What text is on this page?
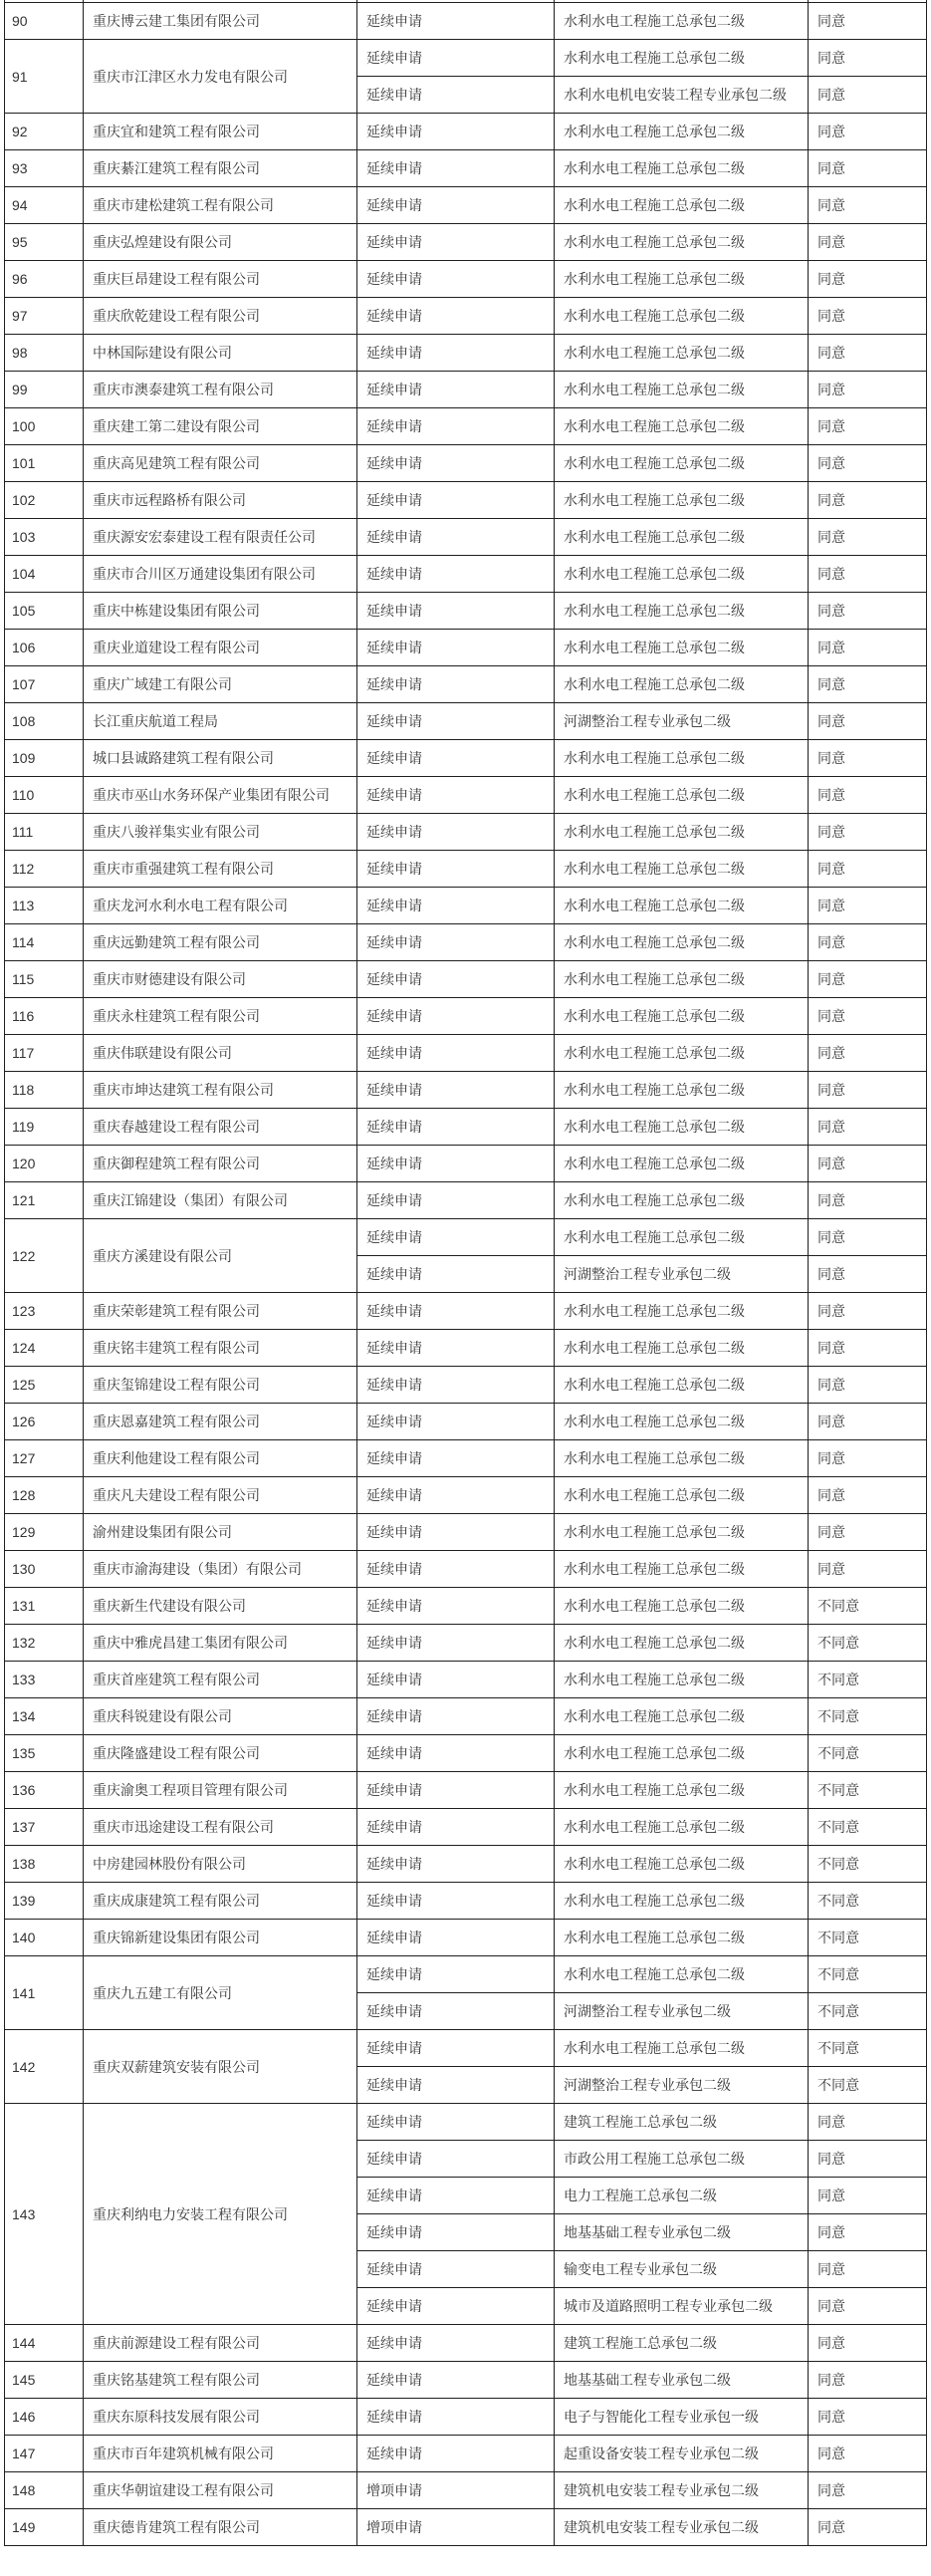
90	重庆博云建工集团有限公司	延续申请	水利水电工程施工总承包二级	同意
91	重庆市江津区水力发电有限公司	延续申请	水利水电工程施工总承包二级	同意
		延续申请	水利水电机电安装工程专业承包二级	同意
92	重庆宜和建筑工程有限公司	延续申请	水利水电工程施工总承包二级	同意
93	重庆綦江建筑工程有限公司	延续申请	水利水电工程施工总承包二级	同意
94	重庆市建松建筑工程有限公司	延续申请	水利水电工程施工总承包二级	同意
95	重庆弘煌建设有限公司	延续申请	水利水电工程施工总承包二级	同意
96	重庆巨昂建设工程有限公司	延续申请	水利水电工程施工总承包二级	同意
97	重庆欣乾建设工程有限公司	延续申请	水利水电工程施工总承包二级	同意
98	中林国际建设有限公司	延续申请	水利水电工程施工总承包二级	同意
99	重庆市澳泰建筑工程有限公司	延续申请	水利水电工程施工总承包二级	同意
100	重庆建工第二建设有限公司	延续申请	水利水电工程施工总承包二级	同意
101	重庆高见建筑工程有限公司	延续申请	水利水电工程施工总承包二级	同意
102	重庆市远程路桥有限公司	延续申请	水利水电工程施工总承包二级	同意
103	重庆源安宏泰建设工程有限责任公司	延续申请	水利水电工程施工总承包二级	同意
104	重庆市合川区万通建设集团有限公司	延续申请	水利水电工程施工总承包二级	同意
105	重庆中栋建设集团有限公司	延续申请	水利水电工程施工总承包二级	同意
106	重庆业道建设工程有限公司	延续申请	水利水电工程施工总承包二级	同意
107	重庆广域建工有限公司	延续申请	水利水电工程施工总承包二级	同意
108	长江重庆航道工程局	延续申请	河湖整治工程专业承包二级	同意
109	城口县诚路建筑工程有限公司	延续申请	水利水电工程施工总承包二级	同意
110	重庆市巫山水务环保产业集团有限公司	延续申请	水利水电工程施工总承包二级	同意
111	重庆八骏祥集实业有限公司	延续申请	水利水电工程施工总承包二级	同意
112	重庆市重强建筑工程有限公司	延续申请	水利水电工程施工总承包二级	同意
113	重庆龙河水利水电工程有限公司	延续申请	水利水电工程施工总承包二级	同意
114	重庆远勤建筑工程有限公司	延续申请	水利水电工程施工总承包二级	同意
115	重庆市财德建设有限公司	延续申请	水利水电工程施工总承包二级	同意
116	重庆永柱建筑工程有限公司	延续申请	水利水电工程施工总承包二级	同意
117	重庆伟联建设有限公司	延续申请	水利水电工程施工总承包二级	同意
118	重庆市坤达建筑工程有限公司	延续申请	水利水电工程施工总承包二级	同意
119	重庆春越建设工程有限公司	延续申请	水利水电工程施工总承包二级	同意
120	重庆御程建筑工程有限公司	延续申请	水利水电工程施工总承包二级	同意
121	重庆江锦建设（集团）有限公司	延续申请	水利水电工程施工总承包二级	同意
122	重庆方溪建设有限公司	延续申请	水利水电工程施工总承包二级	同意
		延续申请	河湖整治工程专业承包二级	同意
123	重庆荣彰建筑工程有限公司	延续申请	水利水电工程施工总承包二级	同意
124	重庆铭丰建筑工程有限公司	延续申请	水利水电工程施工总承包二级	同意
125	重庆玺锦建设工程有限公司	延续申请	水利水电工程施工总承包二级	同意
126	重庆恩嘉建筑工程有限公司	延续申请	水利水电工程施工总承包二级	同意
127	重庆利他建设工程有限公司	延续申请	水利水电工程施工总承包二级	同意
128	重庆凡夫建设工程有限公司	延续申请	水利水电工程施工总承包二级	同意
129	渝州建设集团有限公司	延续申请	水利水电工程施工总承包二级	同意
130	重庆市渝海建设（集团）有限公司	延续申请	水利水电工程施工总承包二级	同意
131	重庆新生代建设有限公司	延续申请	水利水电工程施工总承包二级	不同意
132	重庆中雅虎昌建工集团有限公司	延续申请	水利水电工程施工总承包二级	不同意
133	重庆首座建筑工程有限公司	延续申请	水利水电工程施工总承包二级	不同意
134	重庆科锐建设有限公司	延续申请	水利水电工程施工总承包二级	不同意
135	重庆隆盛建设工程有限公司	延续申请	水利水电工程施工总承包二级	不同意
136	重庆渝奥工程项目管理有限公司	延续申请	水利水电工程施工总承包二级	不同意
137	重庆市迅途建设工程有限公司	延续申请	水利水电工程施工总承包二级	不同意
138	中房建园林股份有限公司	延续申请	水利水电工程施工总承包二级	不同意
139	重庆成康建筑工程有限公司	延续申请	水利水电工程施工总承包二级	不同意
140	重庆锦新建设集团有限公司	延续申请	水利水电工程施工总承包二级	不同意
141	重庆九五建工有限公司	延续申请	水利水电工程施工总承包二级	不同意
		延续申请	河湖整治工程专业承包二级	不同意
142	重庆双薪建筑安装有限公司	延续申请	水利水电工程施工总承包二级	不同意
		延续申请	河湖整治工程专业承包二级	不同意
143	重庆利纳电力安装工程有限公司	延续申请	建筑工程施工总承包二级	同意
		延续申请	市政公用工程施工总承包二级	同意
		延续申请	电力工程施工总承包二级	同意
		延续申请	地基基础工程专业承包二级	同意
		延续申请	输变电工程专业承包二级	同意
		延续申请	城市及道路照明工程专业承包二级	同意
144	重庆前源建设工程有限公司	延续申请	建筑工程施工总承包二级	同意
145	重庆铭基建筑工程有限公司	延续申请	地基基础工程专业承包二级	同意
146	重庆东原科技发展有限公司	延续申请	电子与智能化工程专业承包一级	同意
147	重庆市百年建筑机械有限公司	延续申请	起重设备安装工程专业承包二级	同意
148	重庆华朝谊建设工程有限公司	增项申请	建筑机电安装工程专业承包二级	同意
149	重庆德肯建筑工程有限公司	增项申请	建筑机电安装工程专业承包二级	同意
